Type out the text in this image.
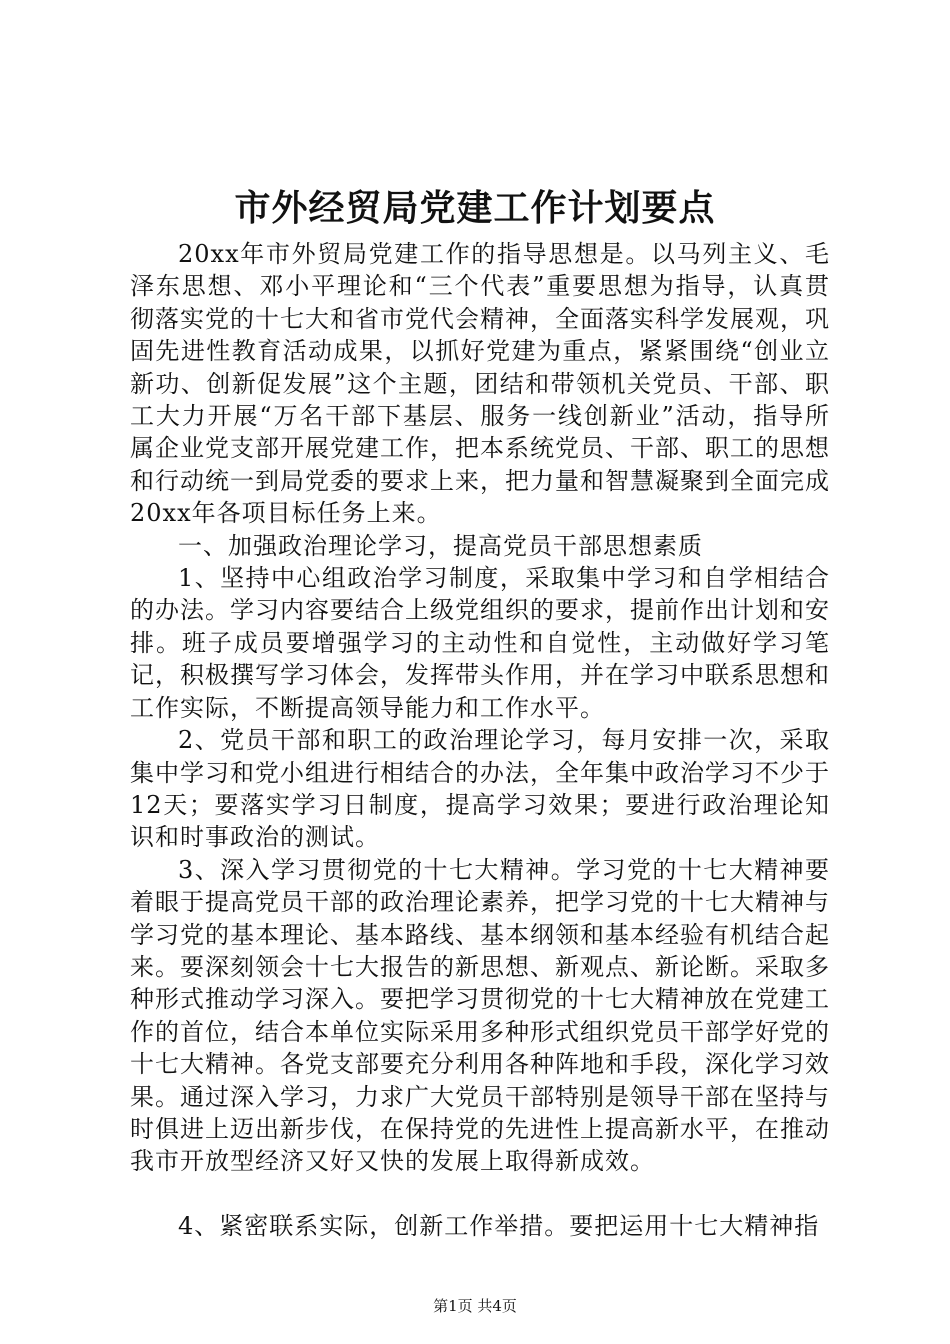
市外经贸局党建工作计划要点

20xx年市外贸局党建工作的指导思想是。以马列主义、毛泽东思想、邓小平理论和“三个代表”重要思想为指导，认真贯彻落实党的十七大和省市党代会精神，全面落实科学发展观，巩固先进性教育活动成果，以抓好党建为重点，紧紧围绕“创业立新功、创新促发展”这个主题，团结和带领机关党员、干部、职工大力开展“万名干部下基层、服务一线创新业”活动，指导所属企业党支部开展党建工作，把本系统党员、干部、职工的思想和行动统一到局党委的要求上来，把力量和智慧凝聚到全面完成20xx年各项目标任务上来。

一、加强政治理论学习，提高党员干部思想素质

1、坚持中心组政治学习制度，采取集中学习和自学相结合的办法。学习内容要结合上级党组织的要求，提前作出计划和安排。班子成员要增强学习的主动性和自觉性，主动做好学习笔记，积极撰写学习体会，发挥带头作用，并在学习中联系思想和工作实际，不断提高领导能力和工作水平。

2、党员干部和职工的政治理论学习，每月安排一次，采取集中学习和党小组进行相结合的办法，全年集中政治学习不少于12天；要落实学习日制度，提高学习效果；要进行政治理论知识和时事政治的测试。

3、深入学习贯彻党的十七大精神。学习党的十七大精神要着眼于提高党员干部的政治理论素养，把学习党的十七大精神与学习党的基本理论、基本路线、基本纲领和基本经验有机结合起来。要深刻领会十七大报告的新思想、新观点、新论断。采取多种形式推动学习深入。要把学习贯彻党的十七大精神放在党建工作的首位，结合本单位实际采用多种形式组织党员干部学好党的十七大精神。各党支部要充分利用各种阵地和手段，深化学习效果。通过深入学习，力求广大党员干部特别是领导干部在坚持与时俱进上迈出新步伐，在保持党的先进性上提高新水平，在推动我市开放型经济又好又快的发展上取得新成效。

4、紧密联系实际，创新工作举措。要把运用十七大精神指

第1页 共4页
